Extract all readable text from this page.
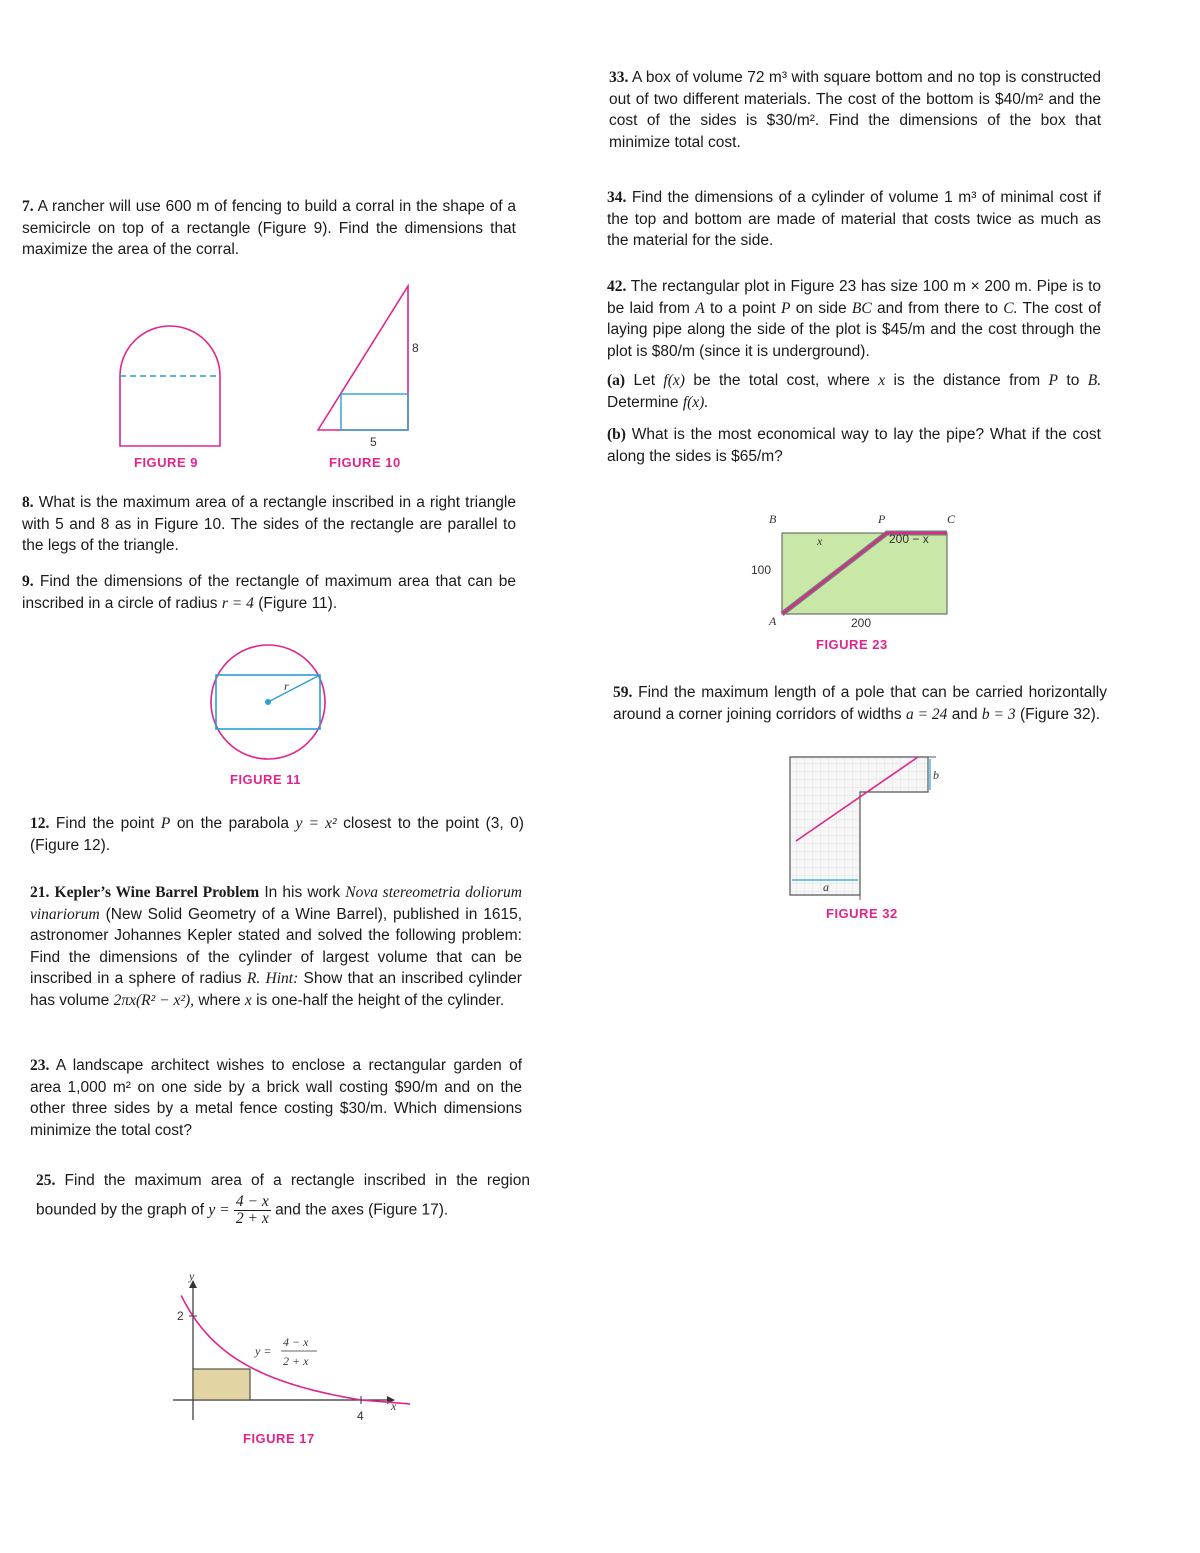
7. A rancher will use 600 m of fencing to build a corral in the shape of a semicircle on top of a rectangle (Figure 9). Find the dimensions that maximize the area of the corral.

FIGURE 9
8
5
FIGURE 10

8. What is the maximum area of a rectangle inscribed in a right triangle with 5 and 8 as in Figure 10. The sides of the rectangle are parallel to the legs of the triangle.

9. Find the dimensions of the rectangle of maximum area that can be inscribed in a circle of radius r = 4 (Figure 11).

r
FIGURE 11

12. Find the point P on the parabola y = x² closest to the point (3, 0) (Figure 12).

21. Kepler’s Wine Barrel Problem In his work Nova stereometria doliorum vinariorum (New Solid Geometry of a Wine Barrel), published in 1615, astronomer Johannes Kepler stated and solved the following problem: Find the dimensions of the cylinder of largest volume that can be inscribed in a sphere of radius R. Hint: Show that an inscribed cylinder has volume 2πx(R² − x²), where x is one-half the height of the cylinder.

23. A landscape architect wishes to enclose a rectangular garden of area 1,000 m² on one side by a brick wall costing $90/m and on the other three sides by a metal fence costing $30/m. Which dimensions minimize the total cost?

25. Find the maximum area of a rectangle inscribed in the region bounded by the graph of $y = \frac{4 - x}{2 + x}$ and the axes (Figure 17).

y
x
2
4
y =
4 − x
2 + x
FIGURE 17

33. A box of volume 72 m³ with square bottom and no top is constructed out of two different materials. The cost of the bottom is $40/m² and the cost of the sides is $30/m². Find the dimensions of the box that minimize total cost.

34. Find the dimensions of a cylinder of volume 1 m³ of minimal cost if the top and bottom are made of material that costs twice as much as the material for the side.

42. The rectangular plot in Figure 23 has size 100 m × 200 m. Pipe is to be laid from A to a point P on side BC and from there to C. The cost of laying pipe along the side of the plot is $45/m and the cost through the plot is $80/m (since it is underground).

(a) Let f(x) be the total cost, where x is the distance from P to B. Determine f(x).

(b) What is the most economical way to lay the pipe? What if the cost along the sides is $65/m?

B	P	C
A
x	200 − x
100
200
FIGURE 23

59. Find the maximum length of a pole that can be carried horizontally around a corner joining corridors of widths a = 24 and b = 3 (Figure 32).

a
b
FIGURE 32
